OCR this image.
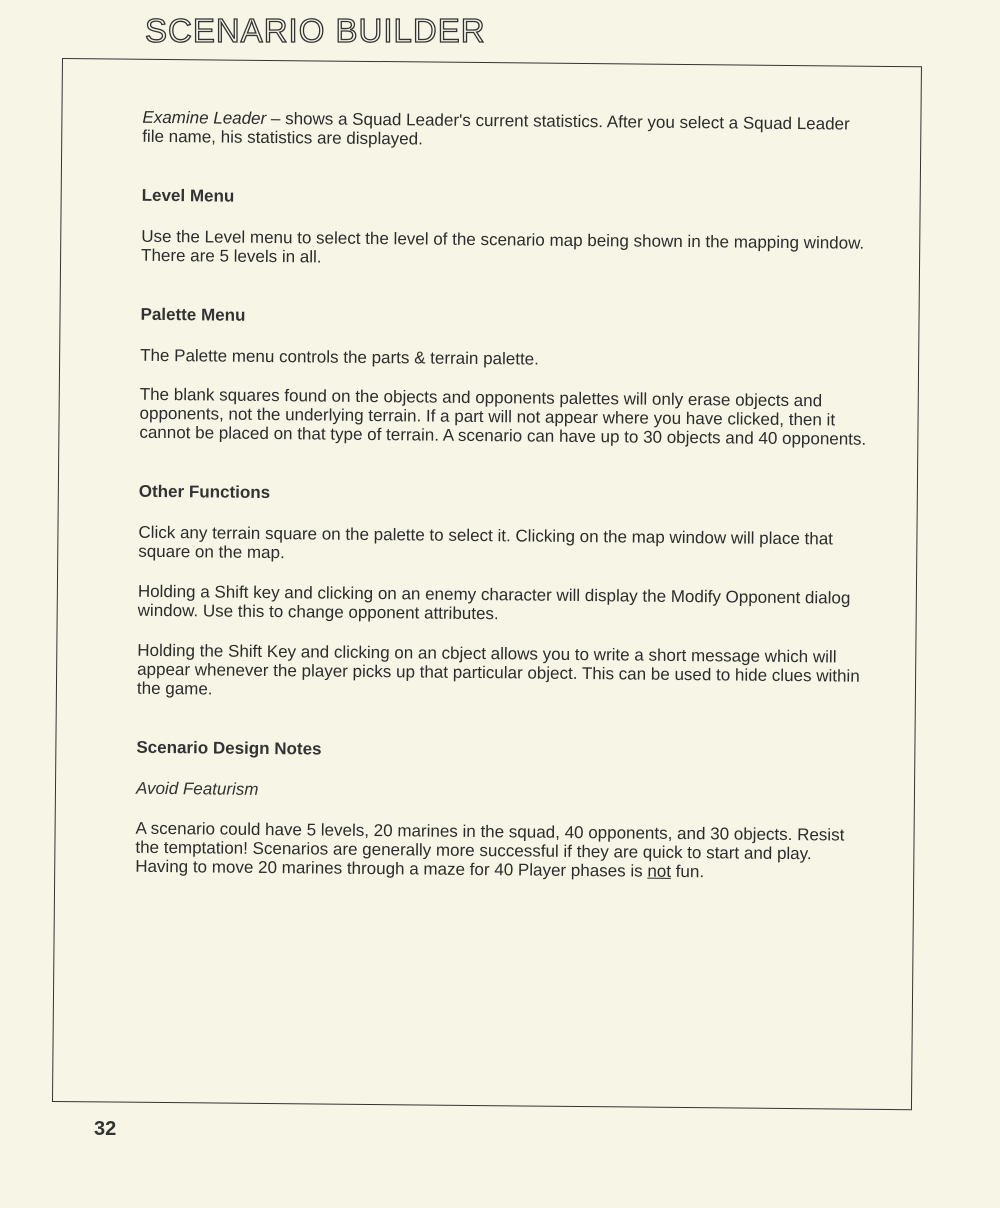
SCENARIO BUILDER

Examine Leader – shows a Squad Leader's current statistics. After you select a Squad Leader file name, his statistics are displayed.

Level Menu

Use the Level menu to select the level of the scenario map being shown in the mapping window. There are 5 levels in all.

Palette Menu

The Palette menu controls the parts & terrain palette.

The blank squares found on the objects and opponents palettes will only erase objects and opponents, not the underlying terrain. If a part will not appear where you have clicked, then it cannot be placed on that type of terrain. A scenario can have up to 30 objects and 40 opponents.

Other Functions

Click any terrain square on the palette to select it. Clicking on the map window will place that square on the map.

Holding a Shift key and clicking on an enemy character will display the Modify Opponent dialog window. Use this to change opponent attributes.

Holding the Shift Key and clicking on an cbject allows you to write a short message which will appear whenever the player picks up that particular object. This can be used to hide clues within the game.

Scenario Design Notes

Avoid Featurism

A scenario could have 5 levels, 20 marines in the squad, 40 opponents, and 30 objects. Resist the temptation! Scenarios are generally more successful if they are quick to start and play. Having to move 20 marines through a maze for 40 Player phases is not fun.

32
